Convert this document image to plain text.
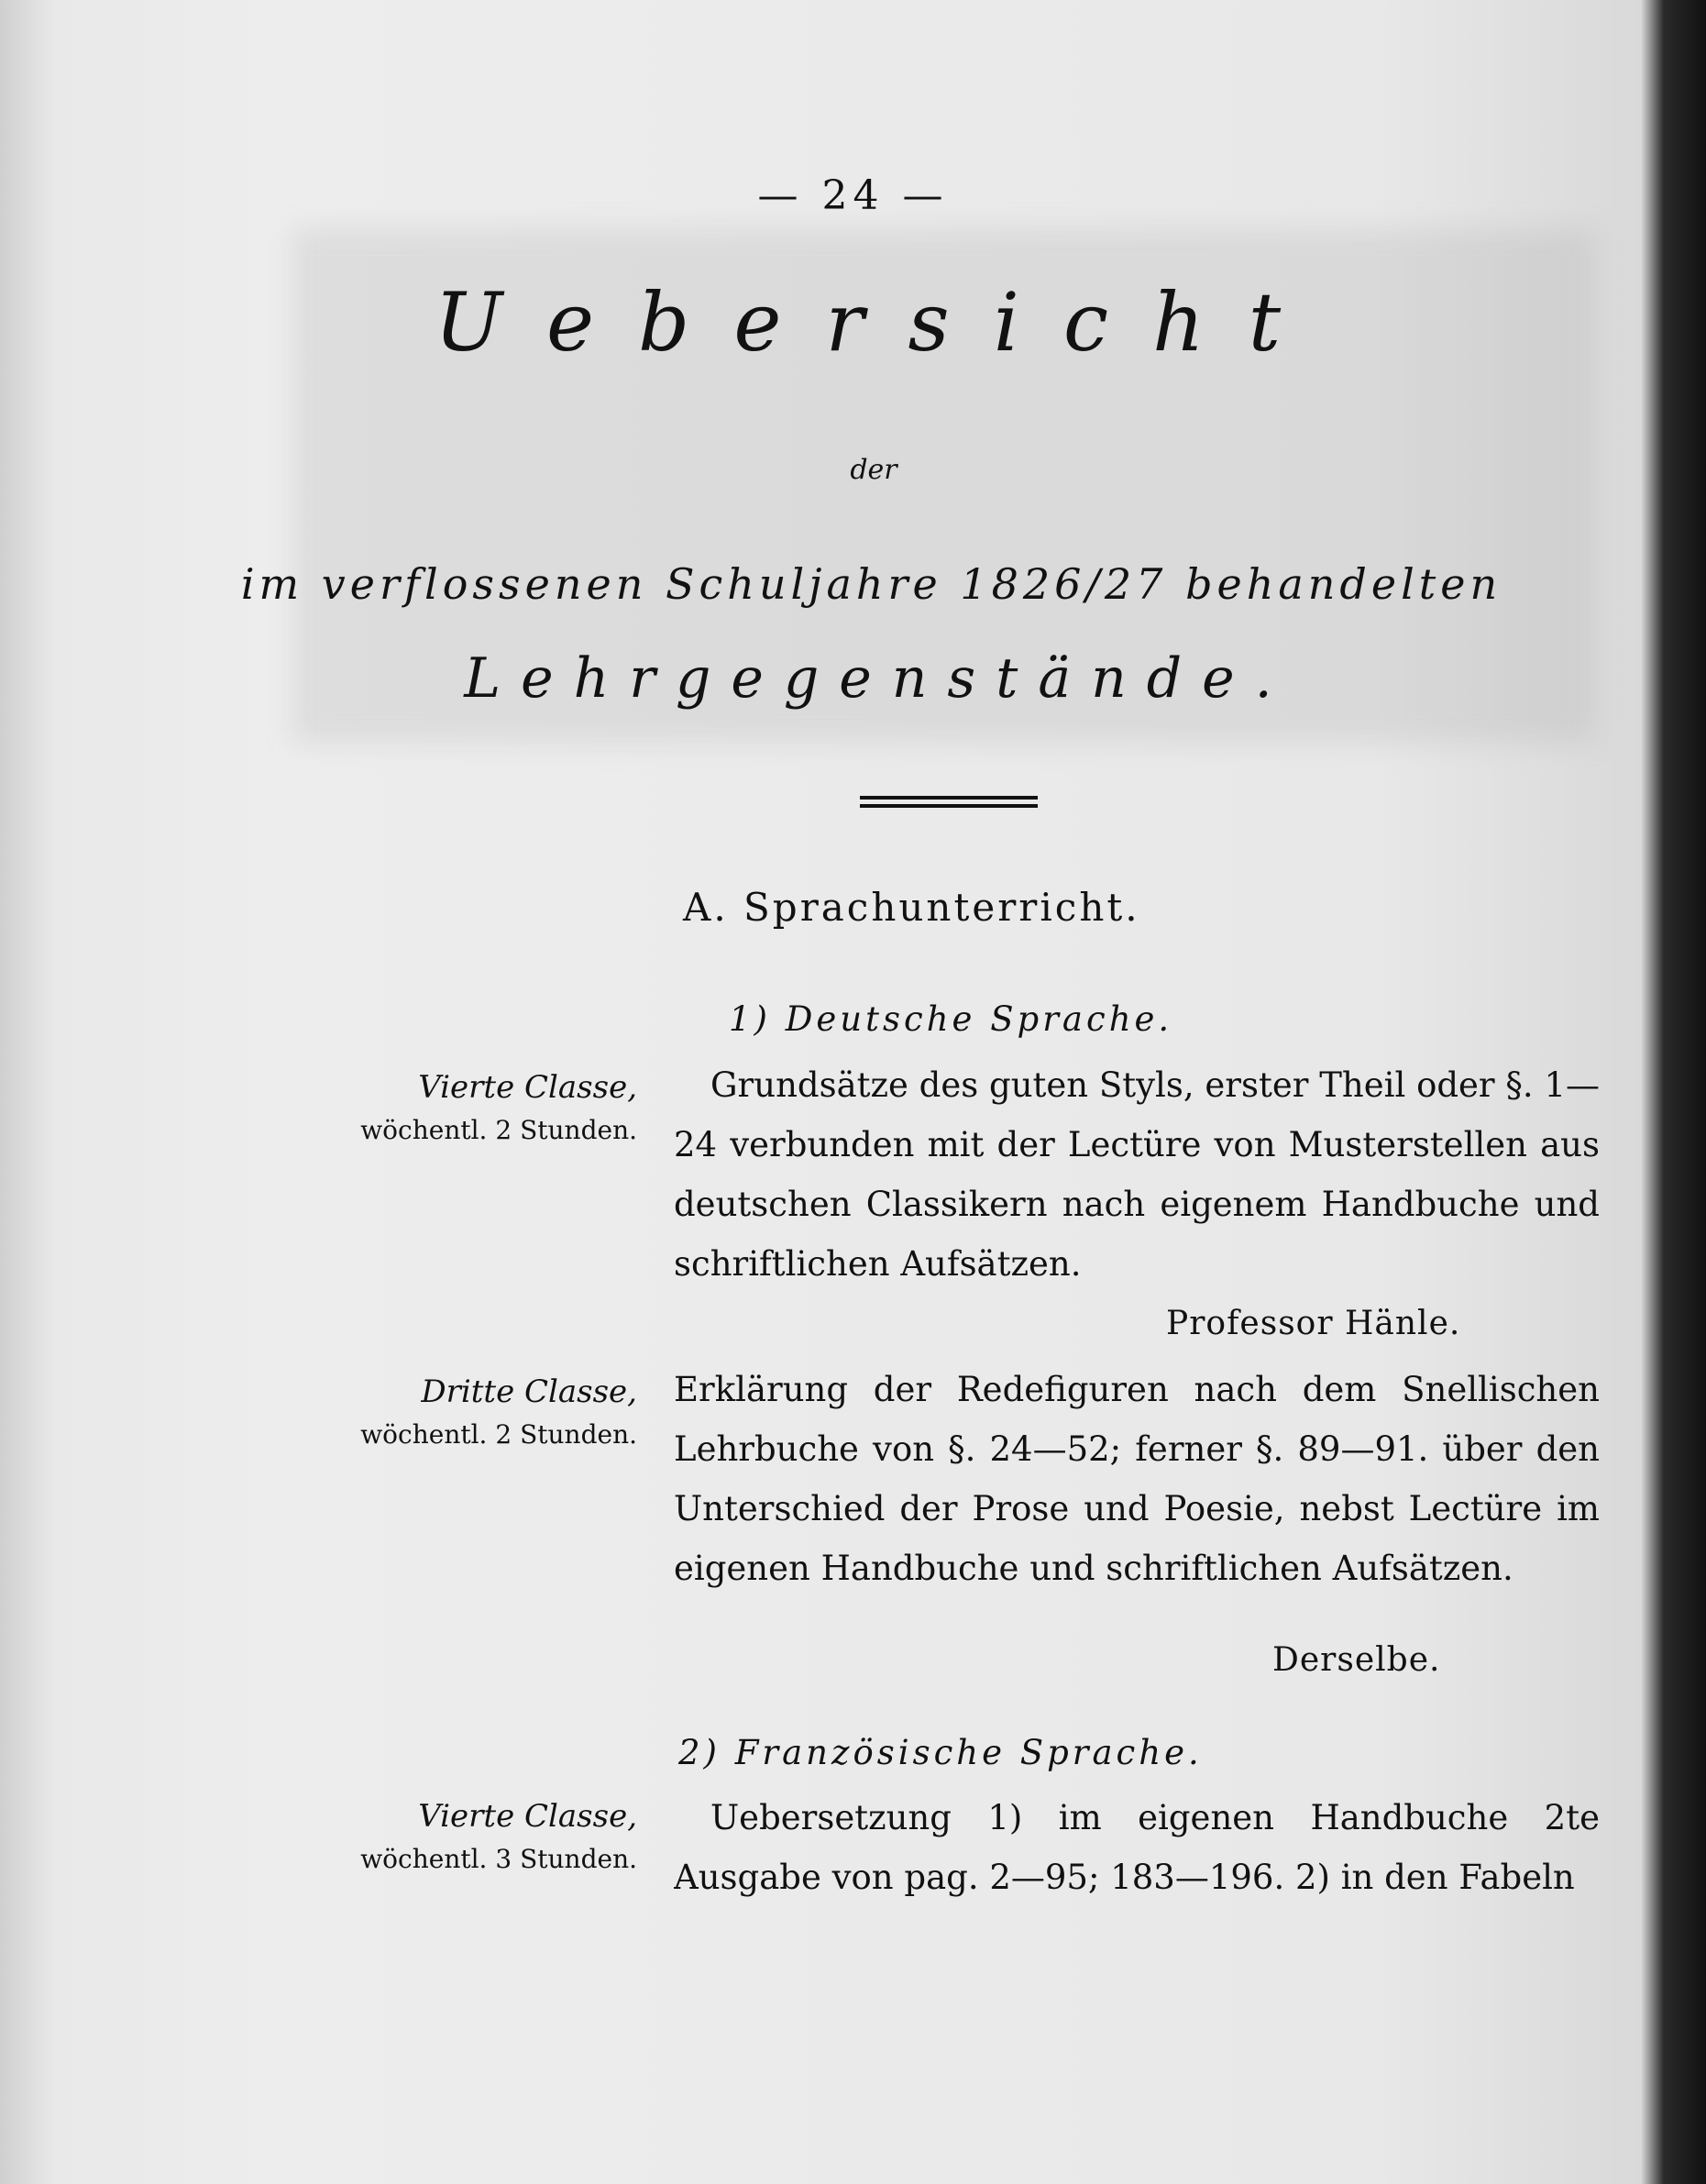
— 24 —
Uebersicht
der
im verflossenen Schuljahre 1826/27 behandelten
Lehrgegenstände.
A. Sprachunterricht.
1) Deutsche Sprache.
Vierte Classe,
wöchentl. 2 Stunden.
Grundsätze des guten Styls, erster Theil oder §. 1—24 verbunden mit der Lectüre von Musterstellen aus deutschen Classikern nach eigenem Handbuche und schriftlichen Aufsätzen.
Professor Hänle.
Dritte Classe,
wöchentl. 2 Stunden.
Erklärung der Redefiguren nach dem Snellischen Lehrbuche von §. 24—52; ferner §. 89—91. über den Unterschied der Prose und Poesie, nebst Lectüre im eigenen Handbuche und schriftlichen Aufsätzen.
Derselbe.
2) Französische Sprache.
Vierte Classe,
wöchentl. 3 Stunden.
Uebersetzung 1) im eigenen Handbuche 2te Ausgabe von pag. 2—95; 183—196. 2) in den Fabeln
